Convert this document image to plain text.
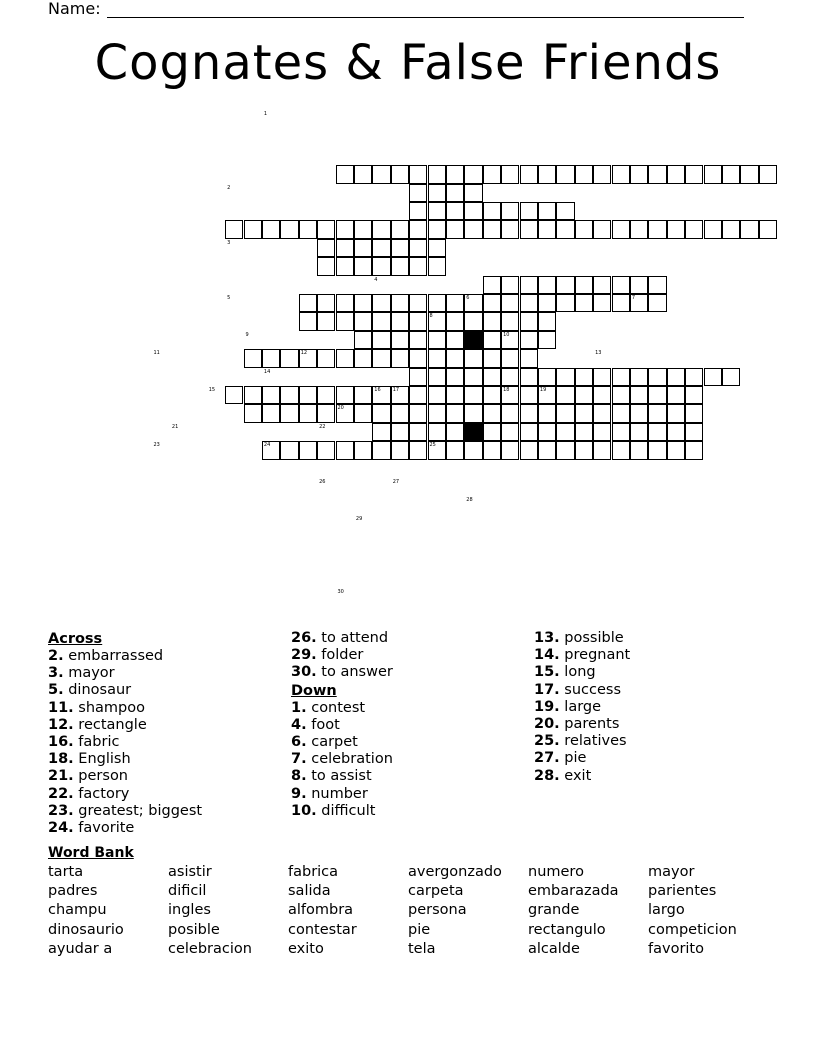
Name:
Cognates & False Friends
1
2
3
4
5	6	7
8
9	10
11	12	13
14
15	16 17	18	19
20
21	22
23	24	25
26	27
28
29
30
Across
2. embarrassed
3. mayor
5. dinosaur
11. shampoo
12. rectangle
16. fabric
18. English
21. person
22. factory
23. greatest; biggest
24. favorite
26. to attend
29. folder
30. to answer
Down
1. contest
4. foot
6. carpet
7. celebration
8. to assist
9. number
10. difficult
13. possible
14. pregnant
15. long
17. success
19. large
20. parents
25. relatives
27. pie
28. exit
Word Bank
tarta
padres
champu
dinosaurio
ayudar a
asistir
dificil
ingles
posible
celebracion
fabrica
salida
alfombra
contestar
exito
avergonzado
carpeta
persona
pie
tela
numero
embarazada
grande
rectangulo
alcalde
mayor
parientes
largo
competicion
favorito
